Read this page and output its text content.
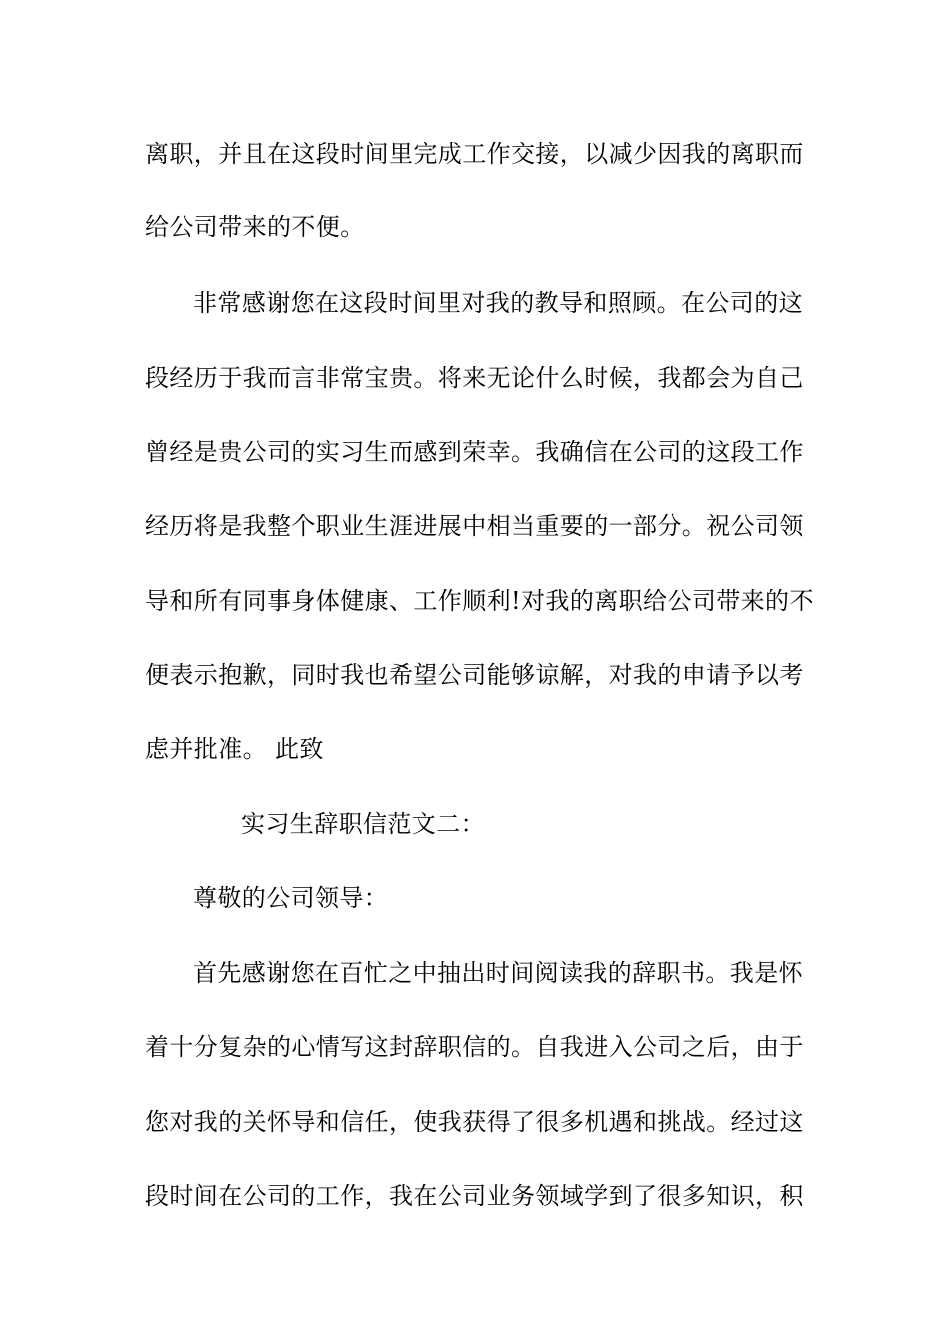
离职，并且在这段时间里完成工作交接，以减少因我的离职而
给公司带来的不便。
非常感谢您在这段时间里对我的教导和照顾。在公司的这
段经历于我而言非常宝贵。将来无论什么时候，我都会为自己
曾经是贵公司的实习生而感到荣幸。我确信在公司的这段工作
经历将是我整个职业生涯进展中相当重要的一部分。祝公司领
导和所有同事身体健康、工作顺利!对我的离职给公司带来的不
便表示抱歉，同时我也希望公司能够谅解，对我的申请予以考
虑并批准。 此致
实习生辞职信范文二：
尊敬的公司领导：
首先感谢您在百忙之中抽出时间阅读我的辞职书。我是怀
着十分复杂的心情写这封辞职信的。自我进入公司之后，由于
您对我的关怀导和信任，使我获得了很多机遇和挑战。经过这
段时间在公司的工作，我在公司业务领域学到了很多知识，积
